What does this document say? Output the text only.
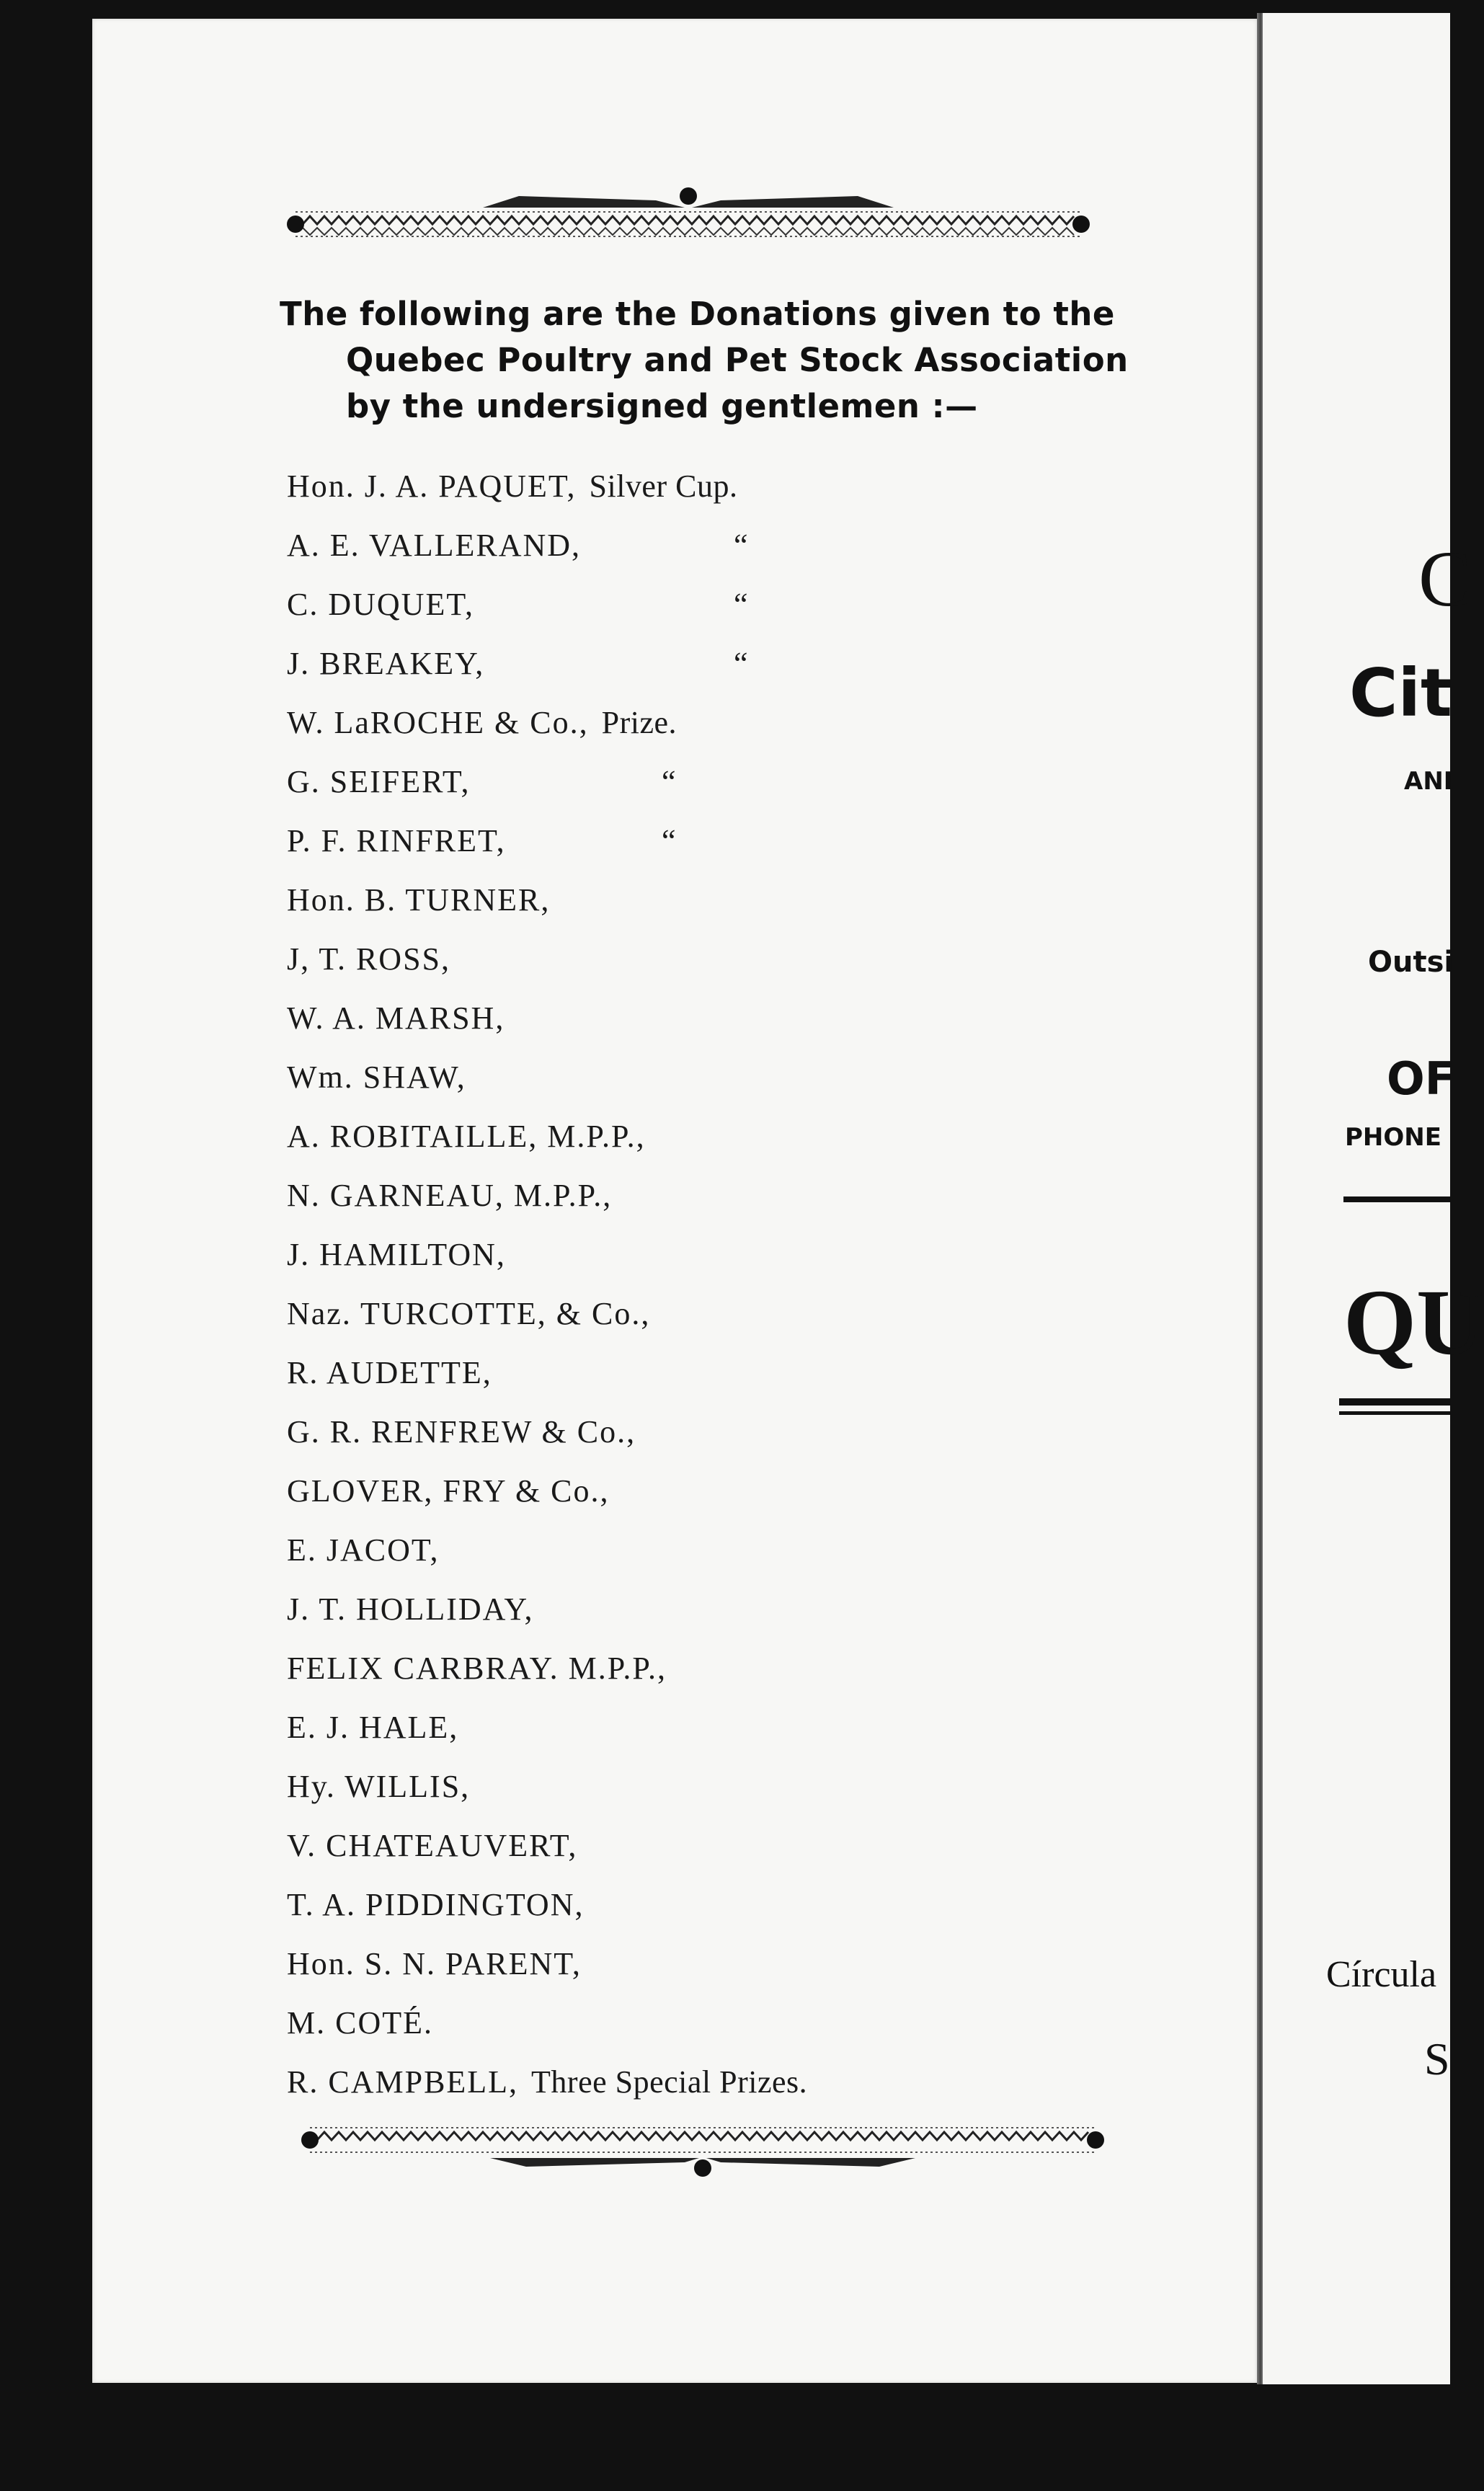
The following are the Donations given to the
Quebec Poultry and Pet Stock Association
by the undersigned gentlemen :—
Hon. J. A. PAQUET, Silver Cup.
A. E. VALLERAND,	“
C. DUQUET,	“
J. BREAKEY,	“
W. LaROCHE & Co., Prize.
G. SEIFERT,	“
P. F. RINFRET,	“
Hon. B. TURNER,
J, T. ROSS,
W. A. MARSH,
Wm. SHAW,
A. ROBITAILLE, M.P.P.,
N. GARNEAU, M.P.P.,
J. HAMILTON,
Naz. TURCOTTE, & Co.,
R. AUDETTE,
G. R. RENFREW & Co.,
GLOVER, FRY & Co.,
E. JACOT,
J. T. HOLLIDAY,
FELIX CARBRAY. M.P.P.,
E. J. HALE,
Hy. WILLIS,
V. CHATEAUVERT,
T. A. PIDDINGTON,
Hon. S. N. PARENT,
M. COTÉ.
R. CAMPBELL, Three Special Prizes.
C
Cit
ANI
Outsi
OF
PHONE
QU
Círcula
S
